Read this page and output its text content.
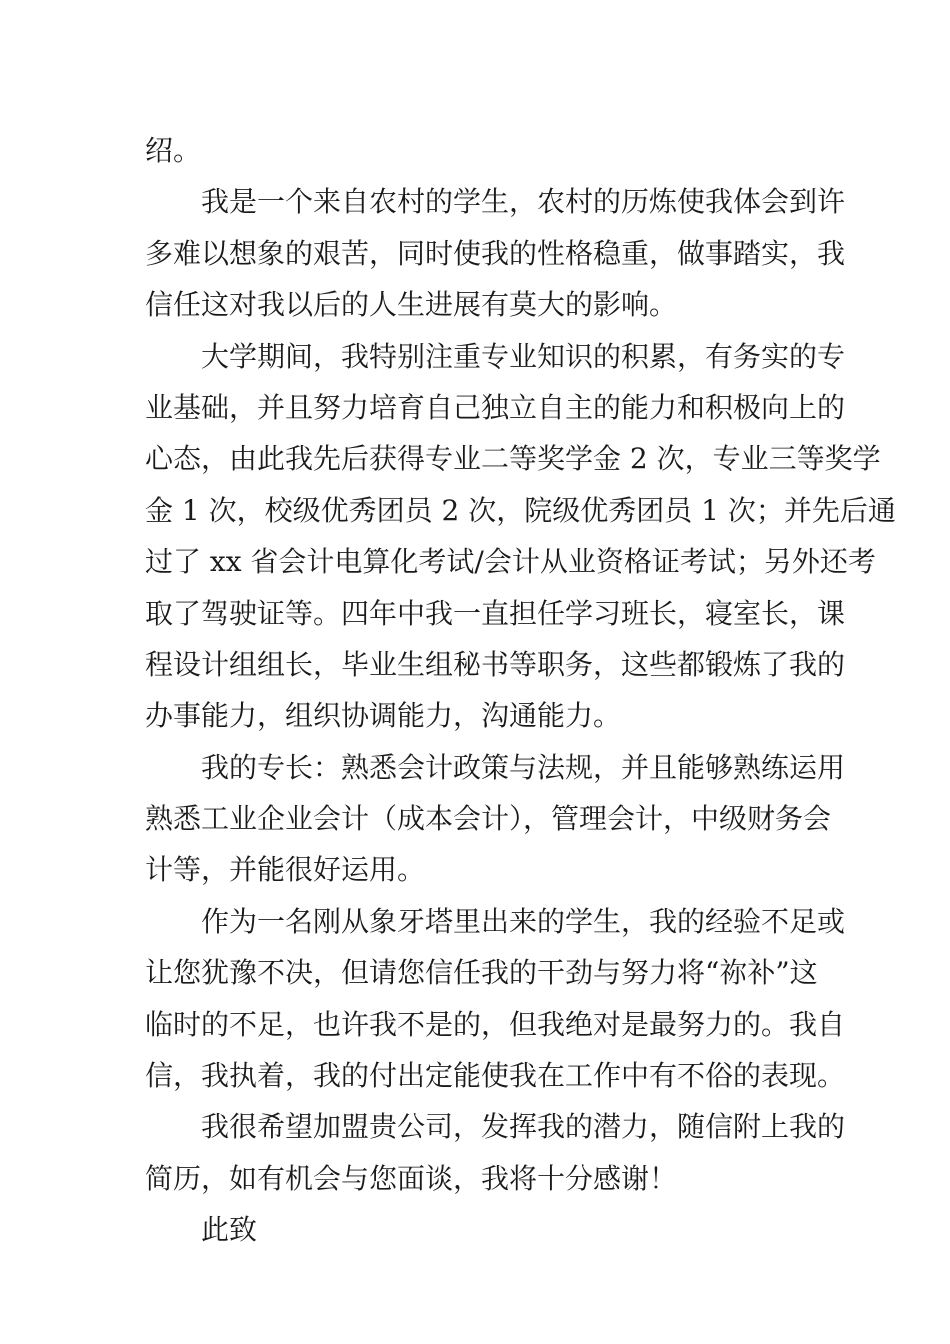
绍。
我是一个来自农村的学生，农村的历炼使我体会到许
多难以想象的艰苦，同时使我的性格稳重，做事踏实，我
信任这对我以后的人生进展有莫大的影响。
大学期间，我特别注重专业知识的积累，有务实的专
业基础，并且努力培育自己独立自主的能力和积极向上的
心态，由此我先后获得专业二等奖学金 2 次，专业三等奖学
金 1 次，校级优秀团员 2 次，院级优秀团员 1 次；并先后通
过了 xx 省会计电算化考试/会计从业资格证考试；另外还考
取了驾驶证等。四年中我一直担任学习班长，寝室长，课
程设计组组长，毕业生组秘书等职务，这些都锻炼了我的
办事能力，组织协调能力，沟通能力。
我的专长：熟悉会计政策与法规，并且能够熟练运用
熟悉工业企业会计（成本会计），管理会计，中级财务会
计等，并能很好运用。
作为一名刚从象牙塔里出来的学生，我的经验不足或
让您犹豫不决，但请您信任我的干劲与努力将“祢补”这
临时的不足，也许我不是的，但我绝对是最努力的。我自
信，我执着，我的付出定能使我在工作中有不俗的表现。
我很希望加盟贵公司，发挥我的潜力，随信附上我的
简历，如有机会与您面谈，我将十分感谢！
此致
